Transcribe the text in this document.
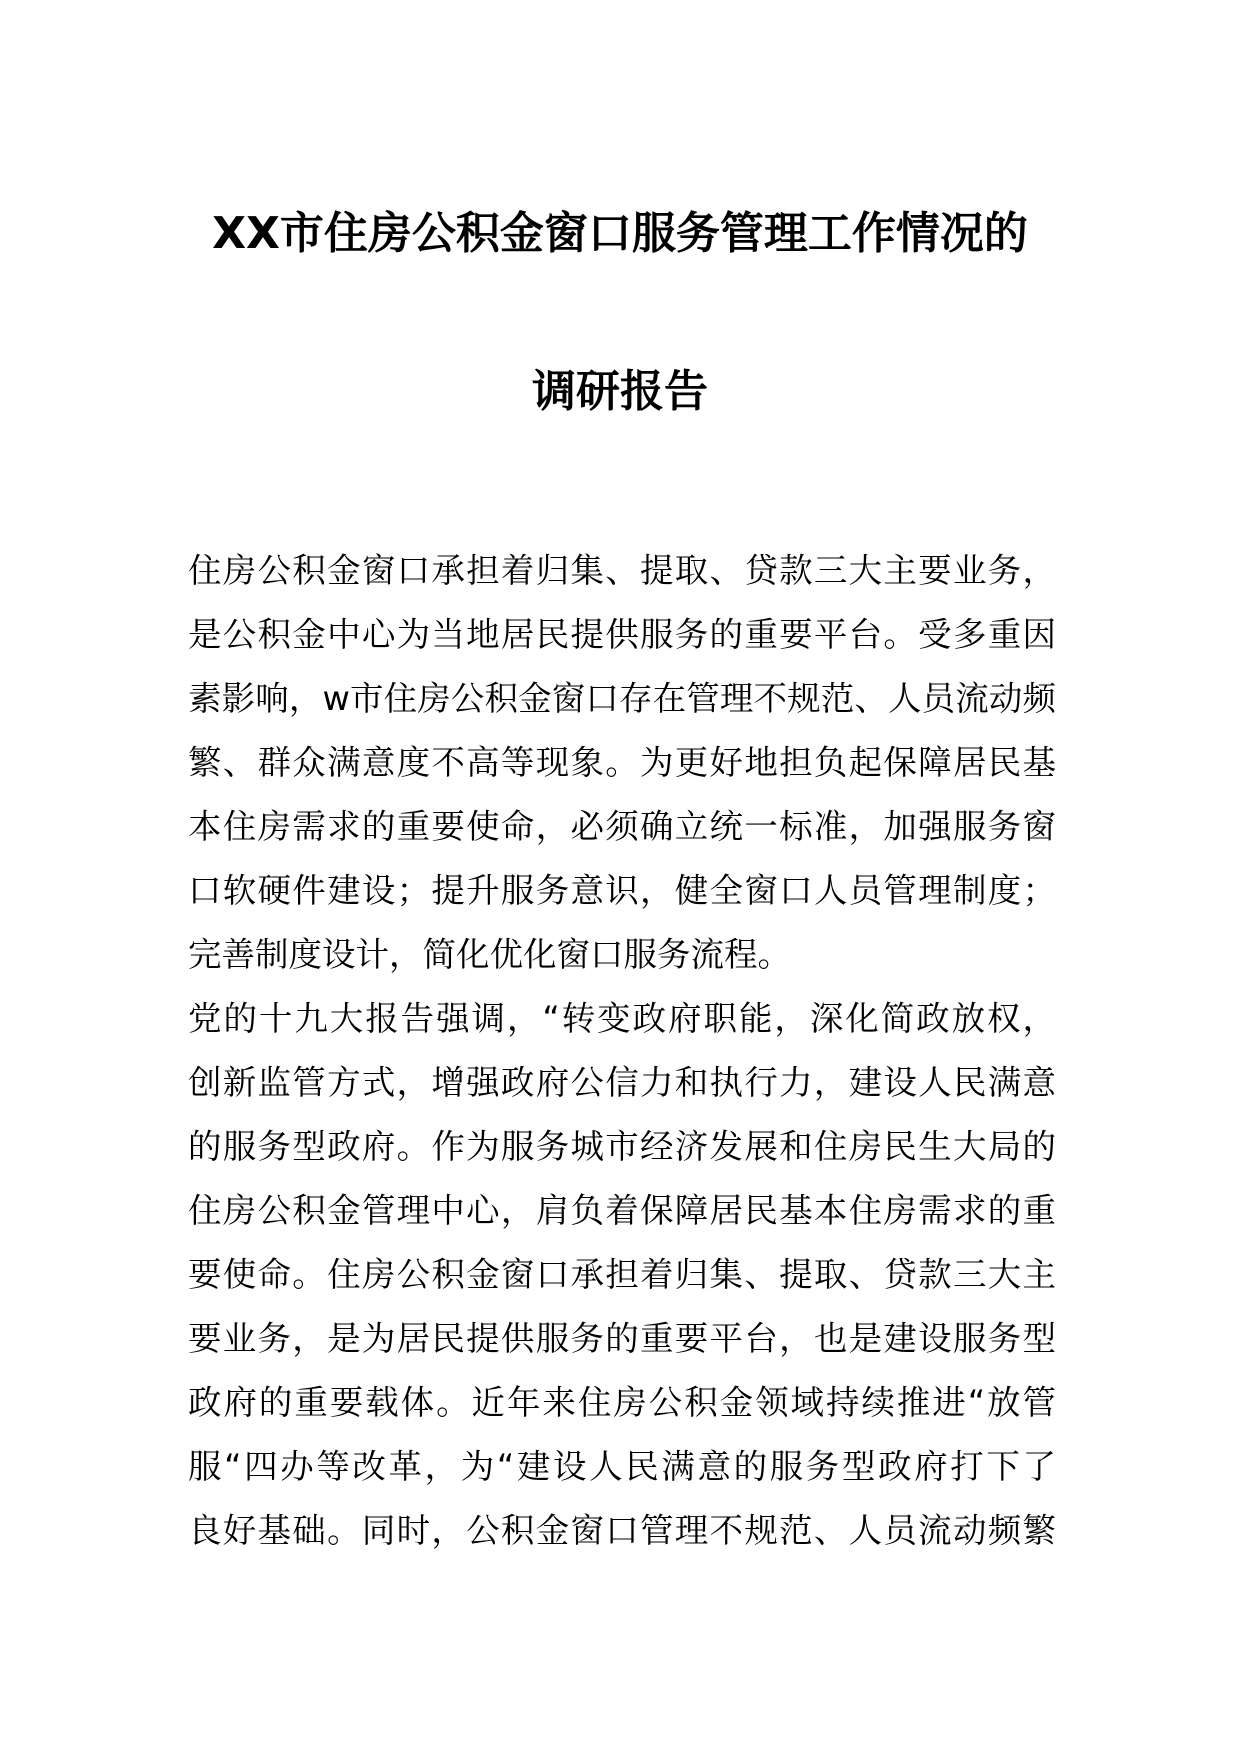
XX市住房公积金窗口服务管理工作情况的
调研报告
住房公积金窗口承担着归集、提取、贷款三大主要业务，
是公积金中心为当地居民提供服务的重要平台。受多重因
素影响，w市住房公积金窗口存在管理不规范、人员流动频
繁、群众满意度不高等现象。为更好地担负起保障居民基
本住房需求的重要使命，必须确立统一标准，加强服务窗
口软硬件建设；提升服务意识，健全窗口人员管理制度；
完善制度设计，简化优化窗口服务流程。
党的十九大报告强调，“转变政府职能，深化简政放权，
创新监管方式，增强政府公信力和执行力，建设人民满意
的服务型政府。作为服务城市经济发展和住房民生大局的
住房公积金管理中心，肩负着保障居民基本住房需求的重
要使命。住房公积金窗口承担着归集、提取、贷款三大主
要业务，是为居民提供服务的重要平台，也是建设服务型
政府的重要载体。近年来住房公积金领域持续推进“放管
服“四办等改革，为“建设人民满意的服务型政府打下了
良好基础。同时，公积金窗口管理不规范、人员流动频繁
